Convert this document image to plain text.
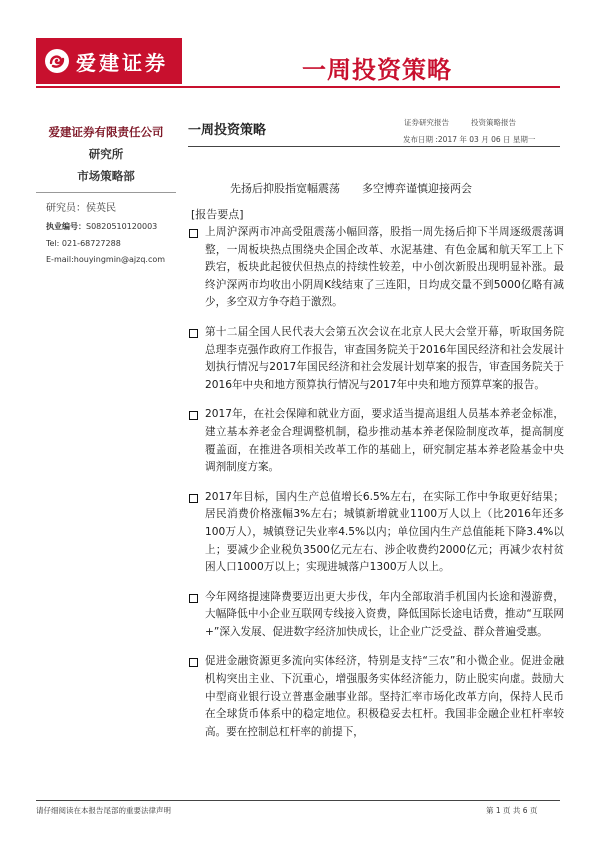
爱建证券	一周投资策略
爱建证券有限责任公司
研究所
市场策略部
研究员：侯英民
执业编号：S0820510120003
Tel: 021-68727288
E-mail:houyingmin@ajzq.com
一周投资策略
证券研究报告	投资策略报告
发布日期 :2017 年 03 月 06 日 星期一
先扬后抑股指宽幅震荡 多空博弈谨慎迎接两会
[报告要点]
上周沪深两市冲高受阻震荡小幅回落，股指一周先扬后抑下半周逐级震荡调整，一周板块热点围绕央企国企改革、水泥基建、有色金属和航天军工上下跌宕，板块此起彼伏但热点的持续性较差，中小创次新股出现明显补涨。最终沪深两市均收出小阴周K线结束了三连阳，日均成交量不到5000亿略有减少，多空双方争夺趋于激烈。
第十二届全国人民代表大会第五次会议在北京人民大会堂开幕，听取国务院总理李克强作政府工作报告，审查国务院关于2016年国民经济和社会发展计划执行情况与2017年国民经济和社会发展计划草案的报告，审查国务院关于2016年中央和地方预算执行情况与2017年中央和地方预算草案的报告。
2017年，在社会保障和就业方面，要求适当提高退组人员基本养老金标准，建立基本养老金合理调整机制，稳步推动基本养老保险制度改革，提高制度覆盖面，在推进各项相关改革工作的基础上，研究制定基本养老险基金中央调剂制度方案。
2017年目标，国内生产总值增长6.5%左右，在实际工作中争取更好结果；居民消费价格涨幅3%左右；城镇新增就业1100万人以上（比2016年还多100万人），城镇登记失业率4.5%以内；单位国内生产总值能耗下降3.4%以上；要减少企业税负3500亿元左右、涉企收费约2000亿元；再减少农村贫困人口1000万以上；实现进城落户1300万人以上。
今年网络提速降费要迈出更大步伐，年内全部取消手机国内长途和漫游费，大幅降低中小企业互联网专线接入资费，降低国际长途电话费，推动“互联网+”深入发展、促进数字经济加快成长，让企业广泛受益、群众普遍受惠。
促进金融资源更多流向实体经济，特别是支持“三农”和小微企业。促进金融机构突出主业、下沉重心，增强服务实体经济能力，防止脱实向虚。鼓励大中型商业银行设立普惠金融事业部。坚持汇率市场化改革方向，保持人民币在全球货币体系中的稳定地位。积极稳妥去杠杆。我国非金融企业杠杆率较高。要在控制总杠杆率的前提下，
请仔细阅读在本报告尾部的重要法律声明	第 1 页 共 6 页
